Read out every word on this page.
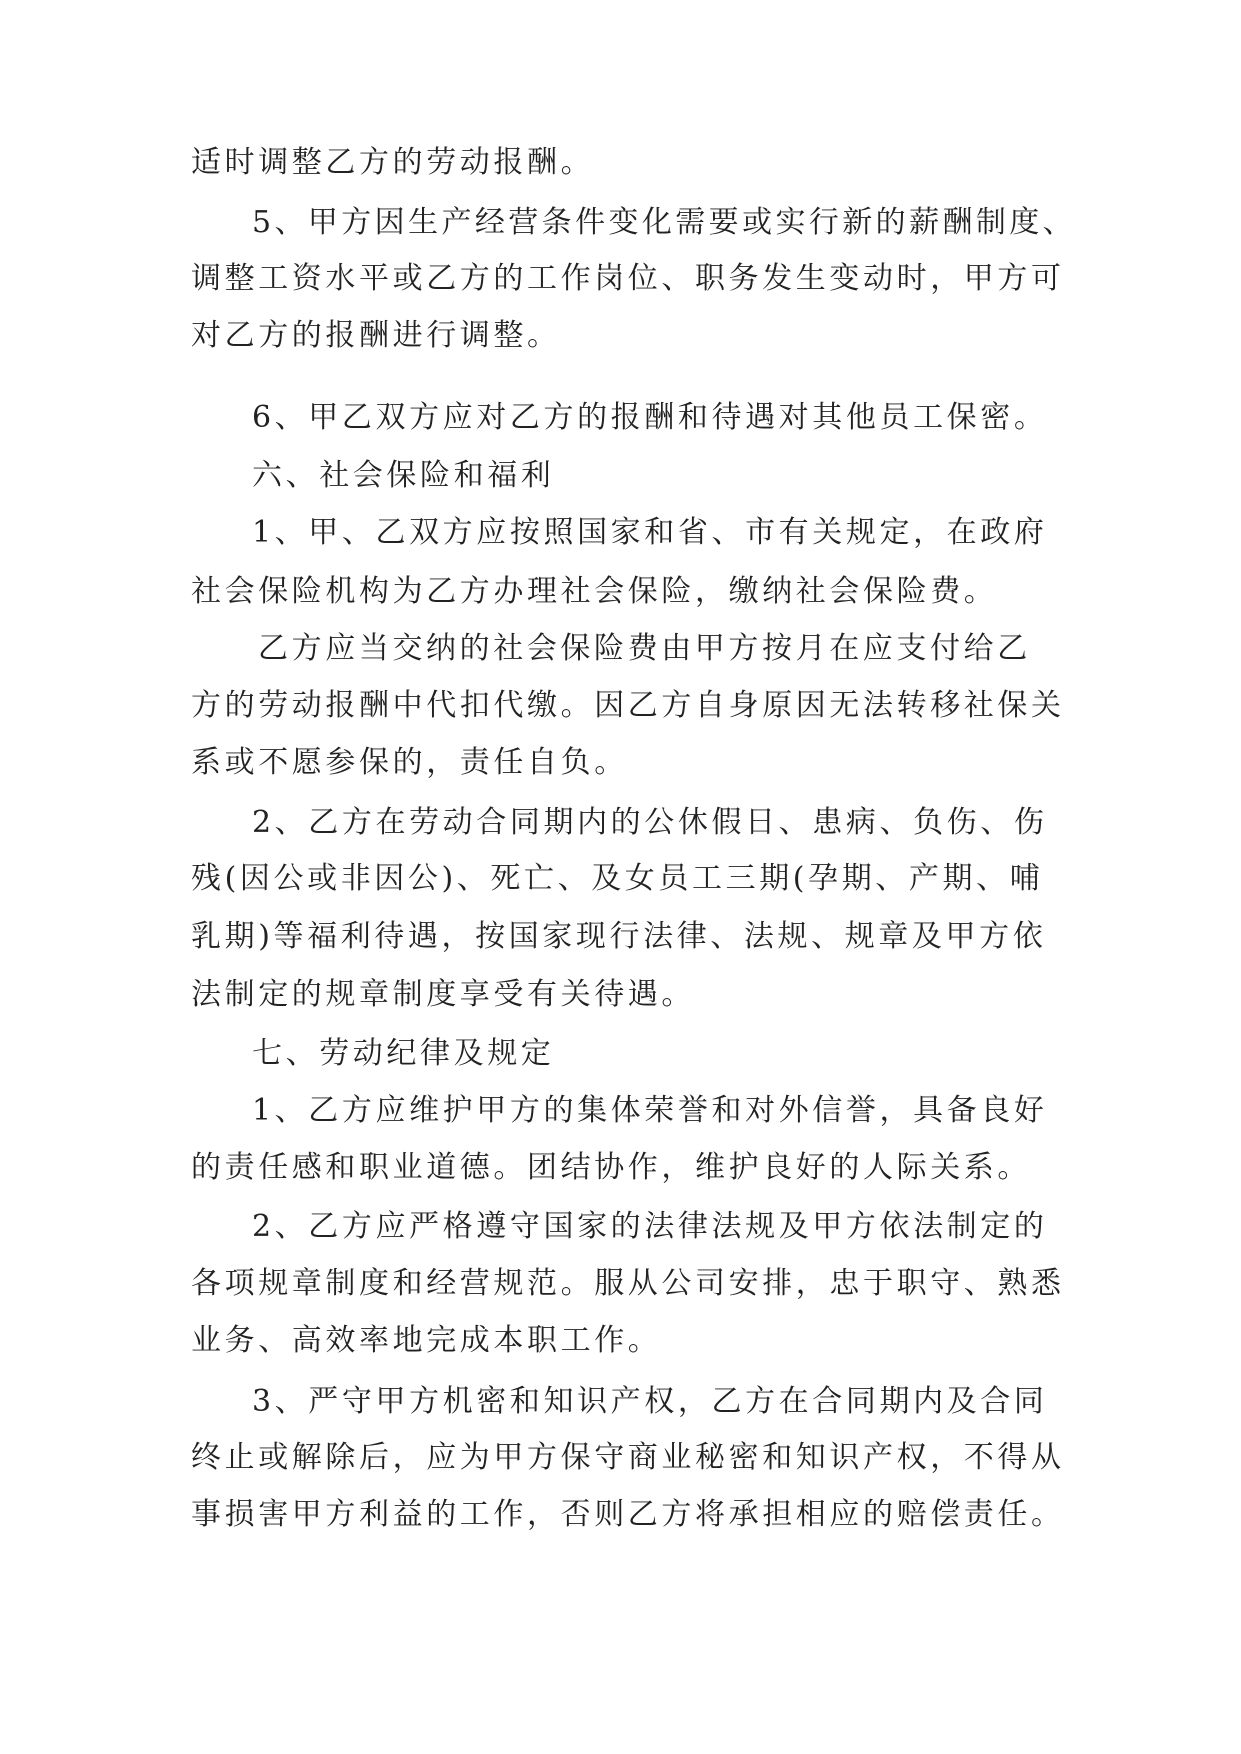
适时调整乙方的劳动报酬。
5、甲方因生产经营条件变化需要或实行新的薪酬制度、
调整工资水平或乙方的工作岗位、职务发生变动时，甲方可
对乙方的报酬进行调整。
6、甲乙双方应对乙方的报酬和待遇对其他员工保密。
六、社会保险和福利
1、甲、乙双方应按照国家和省、市有关规定，在政府
社会保险机构为乙方办理社会保险，缴纳社会保险费。
乙方应当交纳的社会保险费由甲方按月在应支付给乙
方的劳动报酬中代扣代缴。因乙方自身原因无法转移社保关
系或不愿参保的，责任自负。
2、乙方在劳动合同期内的公休假日、患病、负伤、伤
残(因公或非因公)、死亡、及女员工三期(孕期、产期、哺
乳期)等福利待遇，按国家现行法律、法规、规章及甲方依
法制定的规章制度享受有关待遇。
七、劳动纪律及规定
1、乙方应维护甲方的集体荣誉和对外信誉，具备良好
的责任感和职业道德。团结协作，维护良好的人际关系。
2、乙方应严格遵守国家的法律法规及甲方依法制定的
各项规章制度和经营规范。服从公司安排，忠于职守、熟悉
业务、高效率地完成本职工作。
3、严守甲方机密和知识产权，乙方在合同期内及合同
终止或解除后，应为甲方保守商业秘密和知识产权，不得从
事损害甲方利益的工作，否则乙方将承担相应的赔偿责任。
